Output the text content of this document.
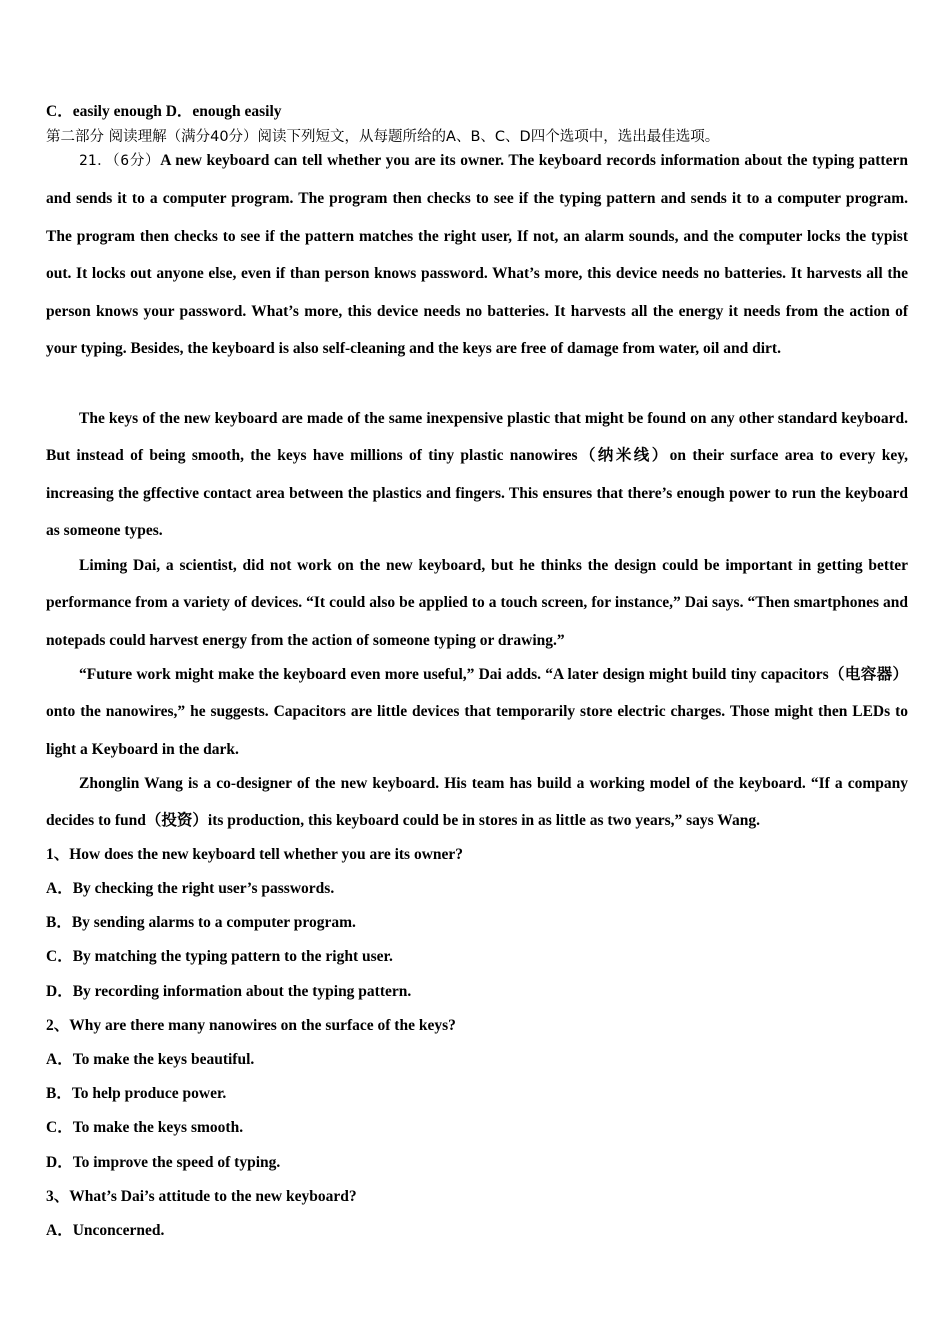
C．easily enough D．enough easily
第二部分 阅读理解（满分40分）阅读下列短文，从每题所给的A、B、C、D四个选项中，选出最佳选项。
21．（6分）A new keyboard can tell whether you are its owner. The keyboard records information about the typing pattern and sends it to a computer program. The program then checks to see if the typing pattern and sends it to a computer program. The program then checks to see if the pattern matches the right user, If not, an alarm sounds, and the computer locks the typist out. It locks out anyone else, even if than person knows password. What’s more, this device needs no batteries. It harvests all the person knows your password. What’s more, this device needs no batteries. It harvests all the energy it needs from the action of your typing. Besides, the keyboard is also self-cleaning and the keys are free of damage from water, oil and dirt.
The keys of the new keyboard are made of the same inexpensive plastic that might be found on any other standard keyboard. But instead of being smooth, the keys have millions of tiny plastic nanowires（纳米线）on their surface area to every key, increasing the gffective contact area between the plastics and fingers. This ensures that there’s enough power to run the keyboard as someone types.
Liming Dai, a scientist, did not work on the new keyboard, but he thinks the design could be important in getting better performance from a variety of devices. “It could also be applied to a touch screen, for instance,” Dai says. “Then smartphones and notepads could harvest energy from the action of someone typing or drawing.”
“Future work might make the keyboard even more useful,” Dai adds. “A later design might build tiny capacitors（电容器）onto the nanowires,” he suggests. Capacitors are little devices that temporarily store electric charges. Those might then LEDs to light a Keyboard in the dark.
Zhonglin Wang is a co-designer of the new keyboard. His team has build a working model of the keyboard. “If a company decides to fund（投资）its production, this keyboard could be in stores in as little as two years,” says Wang.
1、How does the new keyboard tell whether you are its owner?
A．By checking the right user’s passwords.
B．By sending alarms to a computer program.
C．By matching the typing pattern to the right user.
D．By recording information about the typing pattern.
2、Why are there many nanowires on the surface of the keys?
A．To make the keys beautiful.
B．To help produce power.
C．To make the keys smooth.
D．To improve the speed of typing.
3、What’s Dai’s attitude to the new keyboard?
A．Unconcerned.
